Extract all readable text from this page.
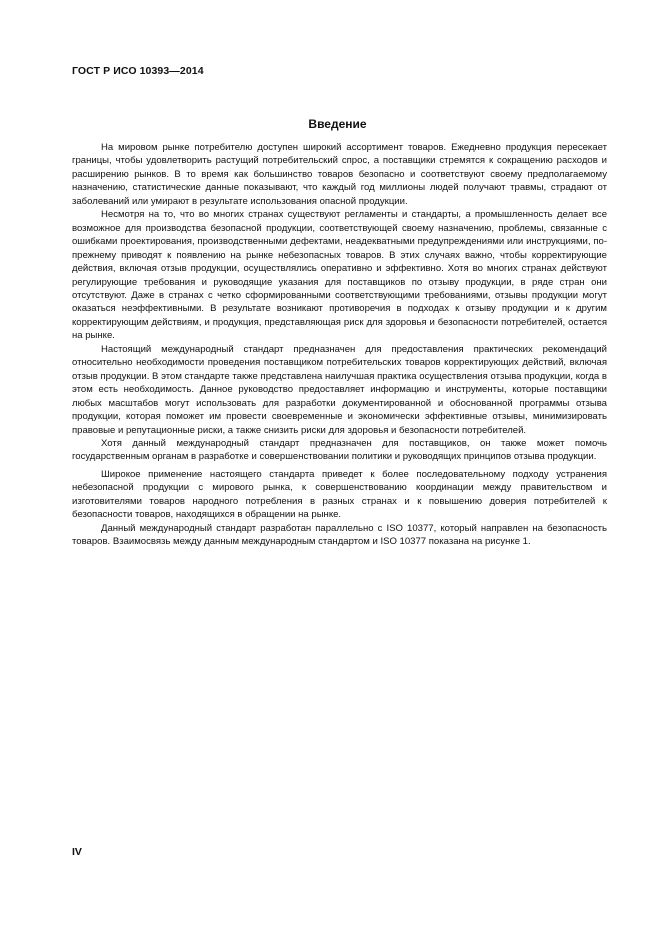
ГОСТ Р ИСО 10393—2014
Введение

На мировом рынке потребителю доступен широкий ассортимент товаров. Ежедневно продукция пересекает границы, чтобы удовлетворить растущий потребительский спрос, а поставщики стремятся к сокращению расходов и расширению рынков. В то время как большинство товаров безопасно и соответствуют своему предполагаемому назначению, статистические данные показывают, что каждый год миллионы людей получают травмы, страдают от заболеваний или умирают в результате использования опасной продукции.

Несмотря на то, что во многих странах существуют регламенты и стандарты, а промышленность делает все возможное для производства безопасной продукции, соответствующей своему назначению, проблемы, связанные с ошибками проектирования, производственными дефектами, неадекватными предупреждениями или инструкциями, по-прежнему приводят к появлению на рынке небезопасных товаров. В этих случаях важно, чтобы корректирующие действия, включая отзыв продукции, осуществлялись оперативно и эффективно. Хотя во многих странах действуют регулирующие требования и руководящие указания для поставщиков по отзыву продукции, в ряде стран они отсутствуют. Даже в странах с четко сформированными соответствующими требованиями, отзывы продукции могут оказаться неэффективными. В результате возникают противоречия в подходах к отзыву продукции и к другим корректирующим действиям, и продукция, представляющая риск для здоровья и безопасности потребителей, остается на рынке.

Настоящий международный стандарт предназначен для предоставления практических рекомендаций относительно необходимости проведения поставщиком потребительских товаров корректирующих действий, включая отзыв продукции. В этом стандарте также представлена наилучшая практика осуществления отзыва продукции, когда в этом есть необходимость. Данное руководство предоставляет информацию и инструменты, которые поставщики любых масштабов могут использовать для разработки документированной и обоснованной программы отзыва продукции, которая поможет им провести своевременные и экономически эффективные отзывы, минимизировать правовые и репутационные риски, а также снизить риски для здоровья и безопасности потребителей.

Хотя данный международный стандарт предназначен для поставщиков, он также может помочь государственным органам в разработке и совершенствовании политики и руководящих принципов отзыва продукции.

Широкое применение настоящего стандарта приведет к более последовательному подходу устранения небезопасной продукции с мирового рынка, к совершенствованию координации между правительством и изготовителями товаров народного потребления в разных странах и к повышению доверия потребителей к безопасности товаров, находящихся в обращении на рынке.

Данный международный стандарт разработан параллельно с ISO 10377, который направлен на безопасность товаров. Взаимосвязь между данным международным стандартом и ISO 10377 показана на рисунке 1.

IV
